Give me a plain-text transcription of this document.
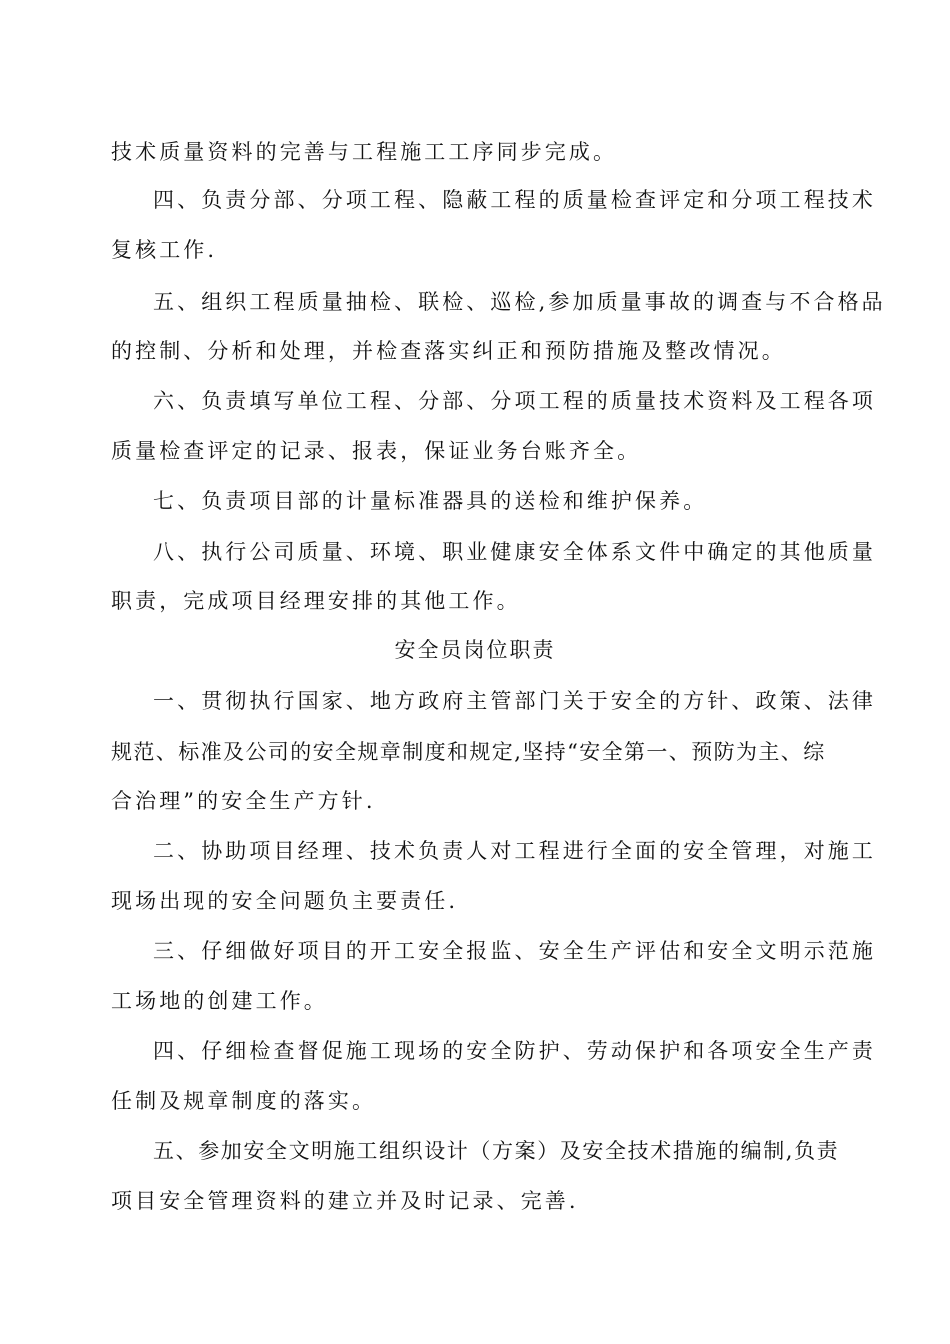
技术质量资料的完善与工程施工工序同步完成。
四、负责分部、分项工程、隐蔽工程的质量检查评定和分项工程技术
复核工作.
五、组织工程质量抽检、联检、巡检,参加质量事故的调查与不合格品
的控制、分析和处理，并检查落实纠正和预防措施及整改情况。
六、负责填写单位工程、分部、分项工程的质量技术资料及工程各项
质量检查评定的记录、报表，保证业务台账齐全。
七、负责项目部的计量标准器具的送检和维护保养。
八、执行公司质量、环境、职业健康安全体系文件中确定的其他质量
职责，完成项目经理安排的其他工作。
安全员岗位职责
一、贯彻执行国家、地方政府主管部门关于安全的方针、政策、法律
规范、标准及公司的安全规章制度和规定,坚持“安全第一、预防为主、综
合治理”的安全生产方针.
二、协助项目经理、技术负责人对工程进行全面的安全管理，对施工
现场出现的安全问题负主要责任.
三、仔细做好项目的开工安全报监、安全生产评估和安全文明示范施
工场地的创建工作。
四、仔细检查督促施工现场的安全防护、劳动保护和各项安全生产责
任制及规章制度的落实。
五、参加安全文明施工组织设计（方案）及安全技术措施的编制,负责
项目安全管理资料的建立并及时记录、完善.
